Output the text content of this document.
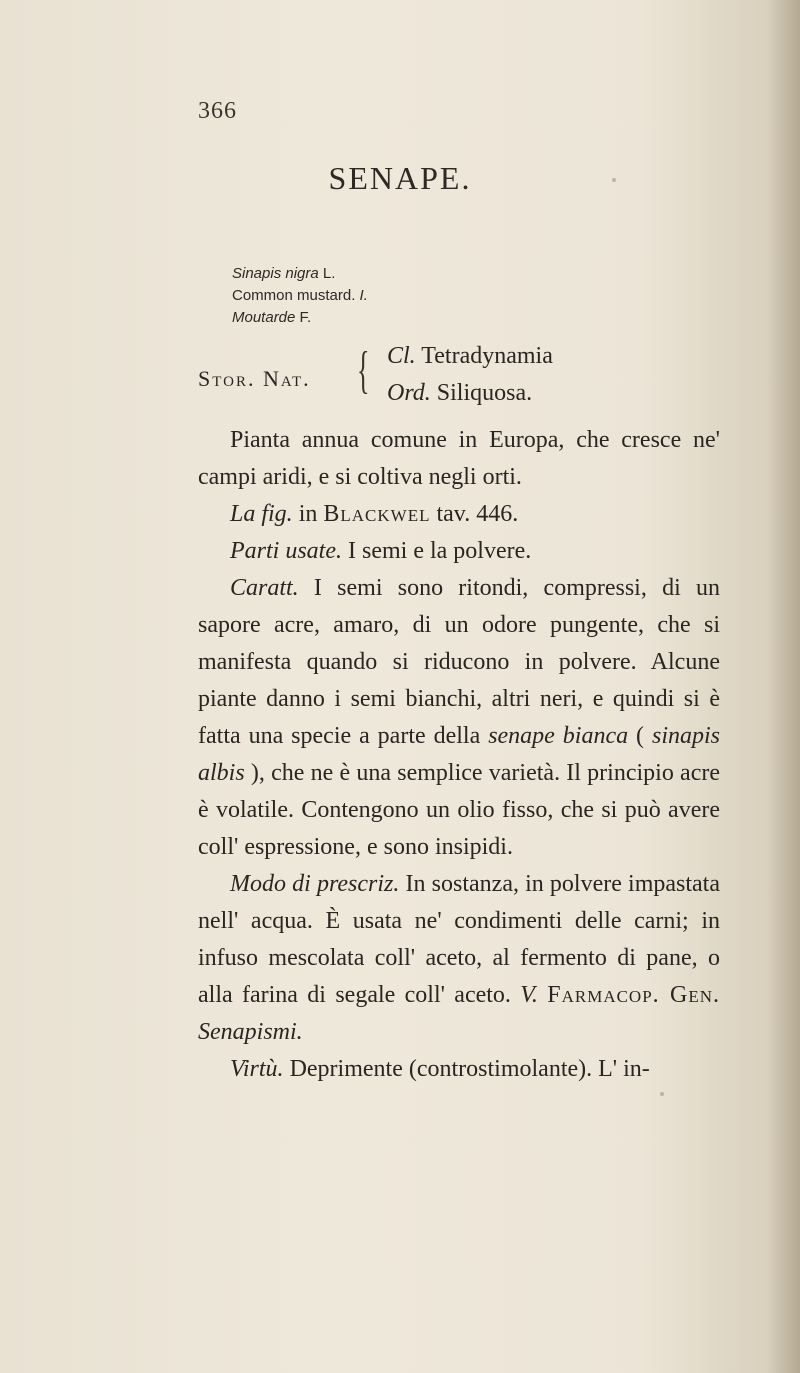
366
SENAPE.
Sinapis nigra L.
Common mustard. I.
Moutarde F.
Stor. Nat. { Cl. Tetradynamia
Ord. Siliquosa.

Pianta annua comune in Europa, che cresce ne' campi aridi, e si coltiva negli orti.

La fig. in Blackwel tav. 446.

Parti usate. I semi e la polvere.

Caratt. I semi sono ritondi, compressi, di un sapore acre, amaro, di un odore pungente, che si manifesta quando si riducono in polvere. Alcune piante danno i semi bianchi, altri neri, e quindi si è fatta una specie a parte della senape bianca ( sinapis albis ), che ne è una semplice varietà. Il principio acre è volatile. Contengono un olio fisso, che si può avere coll' espressione, e sono insipidi.

Modo di prescriz. In sostanza, in polvere impastata nell' acqua. È usata ne' condimenti delle carni; in infuso mescolata coll' aceto, al fermento di pane, o alla farina di segale coll' aceto. V. Farmacop. Gen. Senapismi.

Virtù. Deprimente (controstimolante). L' in-
